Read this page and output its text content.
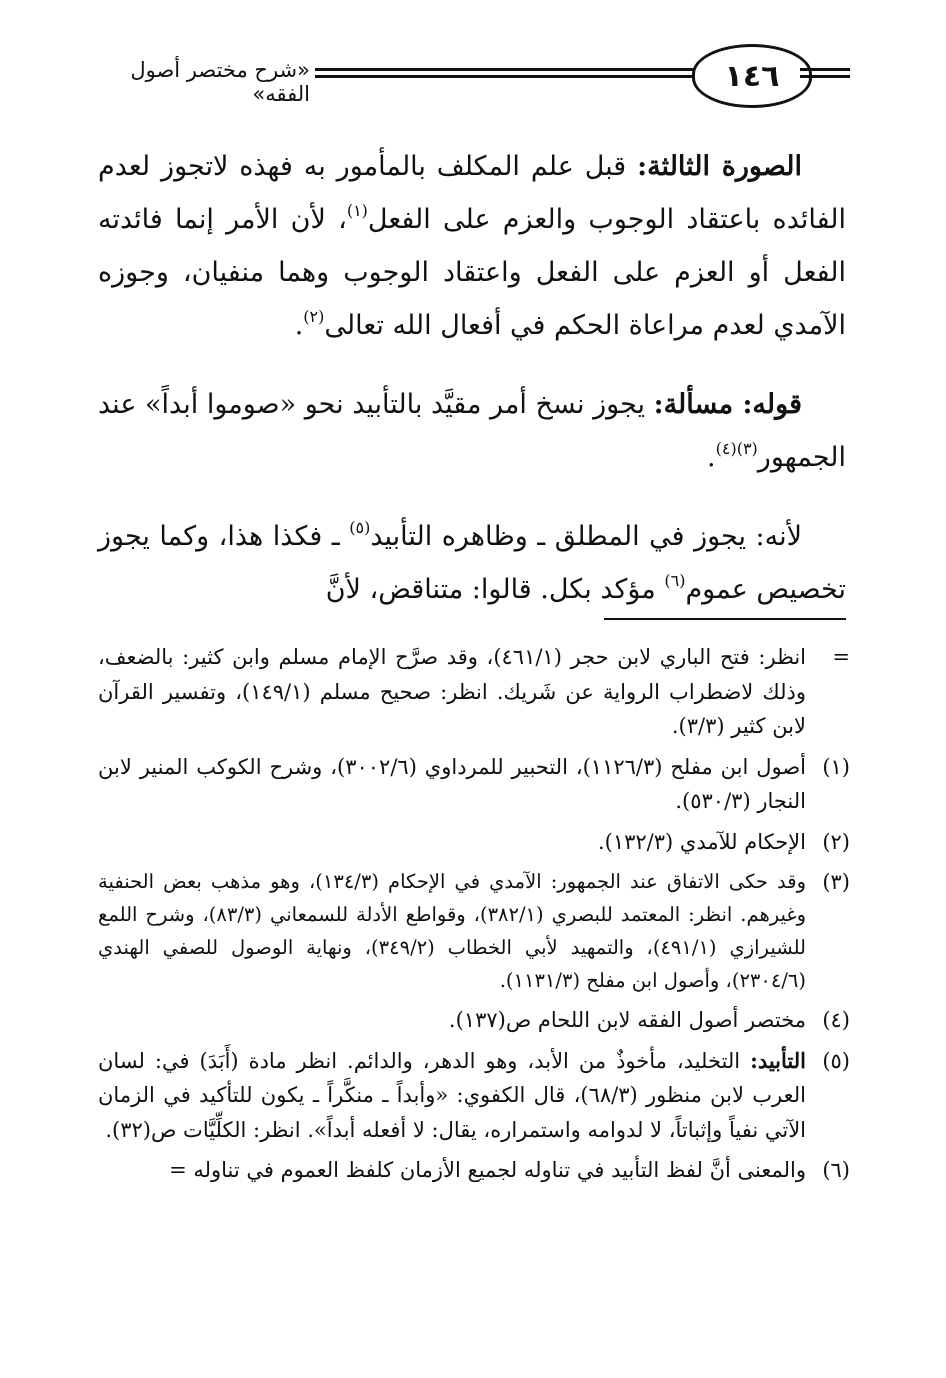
«شرح مختصر أصول الفقه»
١٤٦

الصورة الثالثة: قبل علم المكلف بالمأمور به فهذه لاتجوز لعدم الفائده باعتقاد الوجوب والعزم على الفعل$^{(١)}$، لأن الأمر إنما فائدته الفعل أو العزم على الفعل واعتقاد الوجوب وهما منفيان، وجوزه الآمدي لعدم مراعاة الحكم في أفعال الله تعالى$^{(٢)}$.

قوله: مسألة: يجوز نسخ أمر مقيَّد بالتأبيد نحو «صوموا أبداً» عند الجمهور$^{(٣)(٤)}$.

لأنه: يجوز في المطلق ـ وظاهره التأبيد$^{(٥)}$ ـ فكذا هذا، وكما يجوز تخصيص عموم$^{(٦)}$ مؤكد بكل. قالوا: متناقض، لأنَّ

=
انظر: فتح الباري لابن حجر (٤٦١/١)، وقد صرَّح الإمام مسلم وابن كثير: بالضعف، وذلك لاضطراب الرواية عن شَريك. انظر: صحيح مسلم (١٤٩/١)، وتفسير القرآن لابن كثير (٣/٣).
(١)
أصول ابن مفلح (١١٢٦/٣)، التحبير للمرداوي (٣٠٠٢/٦)، وشرح الكوكب المنير لابن النجار (٥٣٠/٣).
(٢)
الإحكام للآمدي (١٣٢/٣).
(٣)
وقد حكى الاتفاق عند الجمهور: الآمدي في الإحكام (١٣٤/٣)، وهو مذهب بعض الحنفية وغيرهم. انظر: المعتمد للبصري (٣٨٢/١)، وقواطع الأدلة للسمعاني (٨٣/٣)، وشرح اللمع للشيرازي (٤٩١/١)، والتمهيد لأبي الخطاب (٣٤٩/٢)، ونهاية الوصول للصفي الهندي (٢٣٠٤/٦)، وأصول ابن مفلح (١١٣١/٣).
(٤)
مختصر أصول الفقه لابن اللحام ص(١٣٧).
(٥)
التأبيد: التخليد، مأخوذٌ من الأبد، وهو الدهر، والدائم. انظر مادة (أَبَدَ) في: لسان العرب لابن منظور (٦٨/٣)، قال الكفوي: «وأبداً ـ منكَّراً ـ يكون للتأكيد في الزمان الآتي نفياً وإثباتاً، لا لدوامه واستمراره، يقال: لا أفعله أبداً». انظر: الكلِّيَّات ص(٣٢).
(٦)
والمعنى أنَّ لفظ التأبيد في تناوله لجميع الأزمان كلفظ العموم في تناوله =
